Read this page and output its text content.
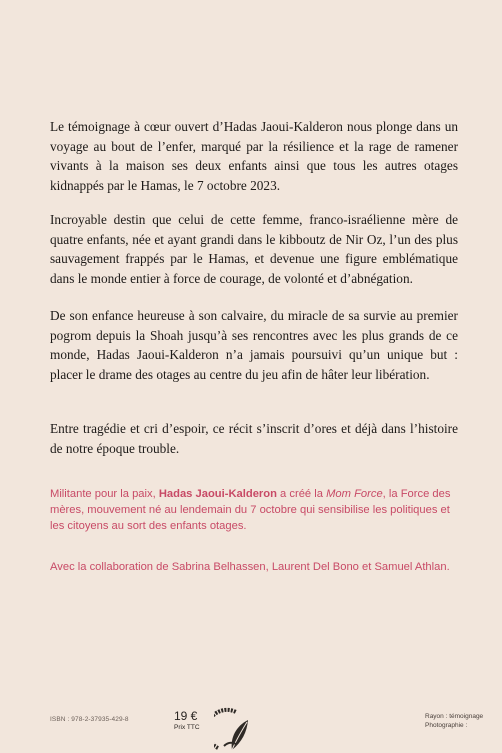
Le témoignage à cœur ouvert d’Hadas Jaoui-Kalderon nous plonge dans un voyage au bout de l’enfer, marqué par la résilience et la rage de ramener vivants à la maison ses deux enfants ainsi que tous les autres otages kidnappés par le Hamas, le 7 octobre 2023.

Incroyable destin que celui de cette femme, franco-israélienne mère de quatre enfants, née et ayant grandi dans le kibboutz de Nir Oz, l’un des plus sauvagement frappés par le Hamas, et devenue une figure emblématique dans le monde entier à force de courage, de volonté et d’abnégation.

De son enfance heureuse à son calvaire, du miracle de sa survie au premier pogrom depuis la Shoah jusqu’à ses rencontres avec les plus grands de ce monde, Hadas Jaoui-Kalderon n’a jamais poursuivi qu’un unique but : placer le drame des otages au centre du jeu afin de hâter leur libération.

Entre tragédie et cri d’espoir, ce récit s’inscrit d’ores et déjà dans l’histoire de notre époque trouble.

Militante pour la paix, Hadas Jaoui-Kalderon a créé la Mom Force, la Force des mères, mouvement né au lendemain du 7 octobre qui sensibilise les politiques et les citoyens au sort des enfants otages.

Avec la collaboration de Sabrina Belhassen, Laurent Del Bono et Samuel Athlan.

ISBN : 978-2-37935-429-8	19 €
Prix TTC
Rayon : témoignage
Photographie :
